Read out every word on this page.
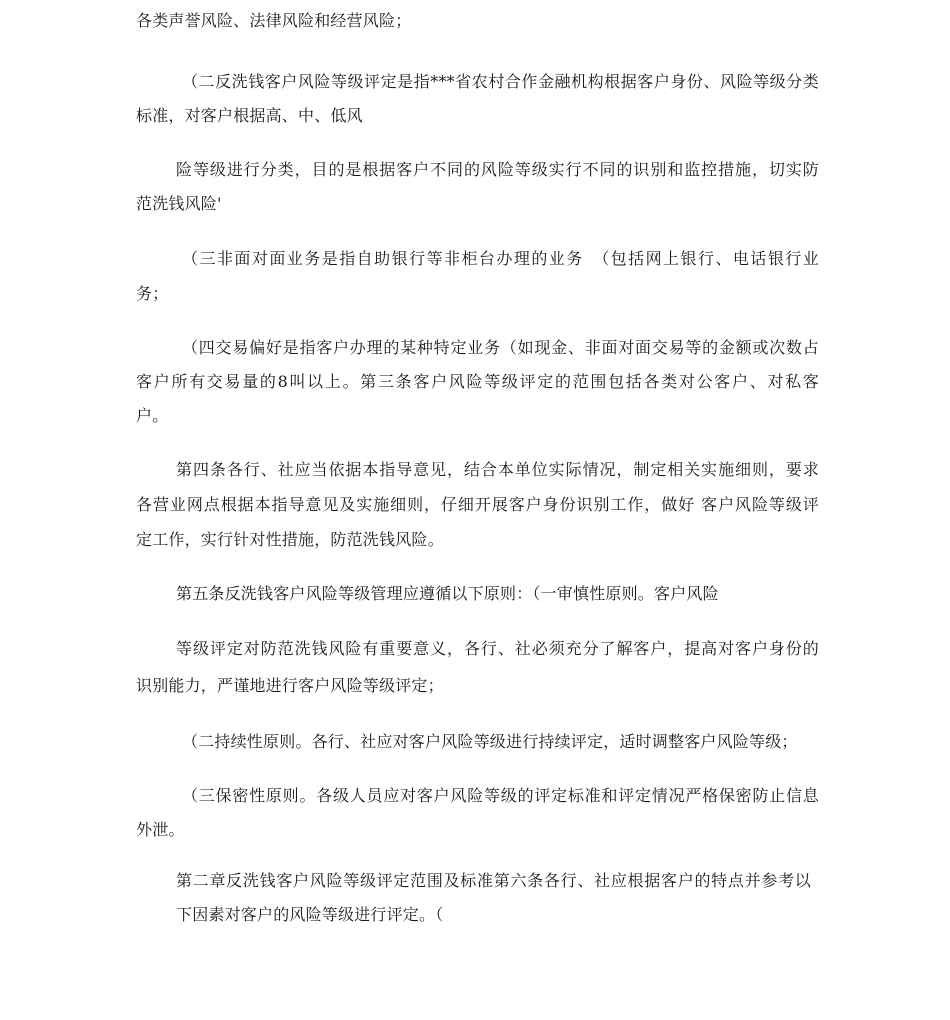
各类声誉风险、法律风险和经营风险；
（二反洗钱客户风险等级评定是指***省农村合作金融机构根据客户身份、风险等级分类
标准，对客户根据高、中、低风
险等级进行分类，目的是根据客户不同的风险等级实行不同的识别和监控措施，切实防
范洗钱风险'
（三非面对面业务是指自助银行等非柜台办理的业务　（包括网上银行、电话银行业
务；
（四交易偏好是指客户办理的某种特定业务（如现金、非面对面交易等的金额或次数占
客户所有交易量的8叫以上。第三条客户风险等级评定的范围包括各类对公客户、对私客
户。
第四条各行、社应当依据本指导意见，结合本单位实际情况，制定相关实施细则，要求
各营业网点根据本指导意见及实施细则，仔细开展客户身份识别工作，做好 客户风险等级评
定工作，实行针对性措施，防范洗钱风险。
第五条反洗钱客户风险等级管理应遵循以下原则：（一审慎性原则。客户风险
等级评定对防范洗钱风险有重要意义，各行、社必须充分了解客户，提高对客户身份的
识别能力，严谨地进行客户风险等级评定；
（二持续性原则。各行、社应对客户风险等级进行持续评定，适时调整客户风险等级；
（三保密性原则。各级人员应对客户风险等级的评定标准和评定情况严格保密防止信息
外泄。
第二章反洗钱客户风险等级评定范围及标准第六条各行、社应根据客户的特点并参考以
下因素对客户的风险等级进行评定。（
